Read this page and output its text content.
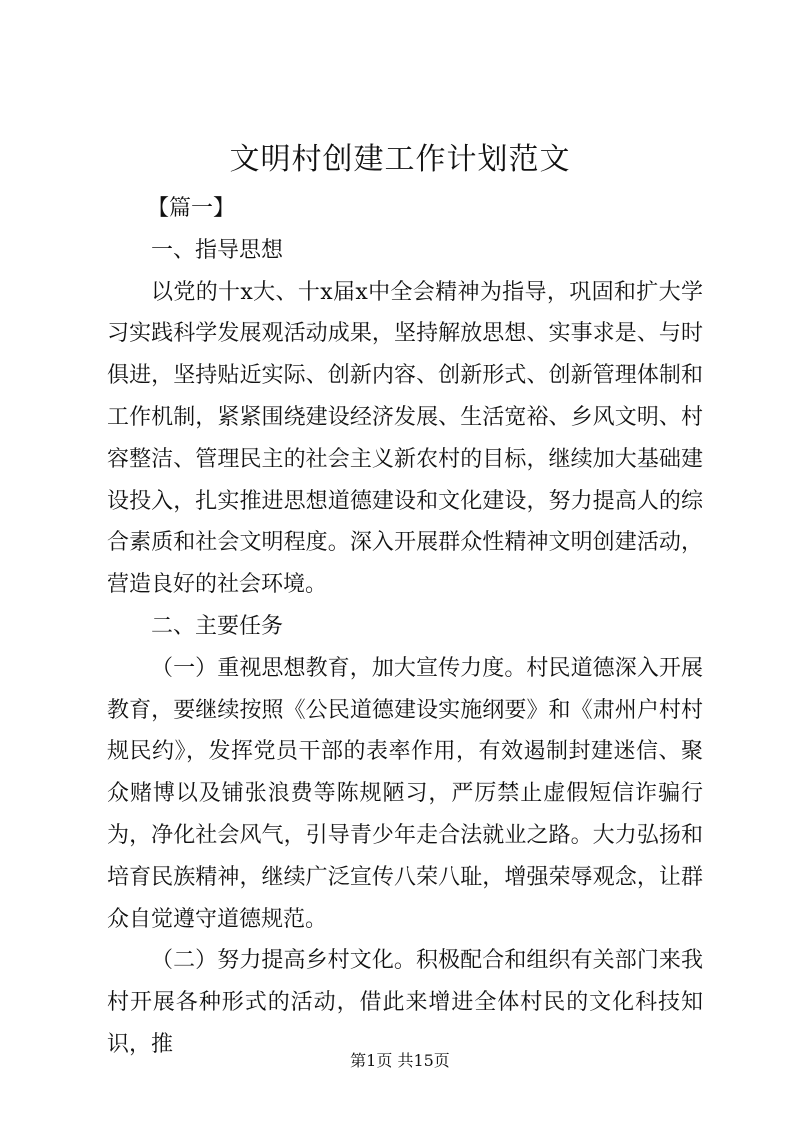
文明村创建工作计划范文

【篇一】

一、指导思想

以党的十x大、十x届x中全会精神为指导，巩固和扩大学习实践科学发展观活动成果，坚持解放思想、实事求是、与时俱进，坚持贴近实际、创新内容、创新形式、创新管理体制和工作机制，紧紧围绕建设经济发展、生活宽裕、乡风文明、村容整洁、管理民主的社会主义新农村的目标，继续加大基础建设投入，扎实推进思想道德建设和文化建设，努力提高人的综合素质和社会文明程度。深入开展群众性精神文明创建活动，营造良好的社会环境。

二、主要任务

（一）重视思想教育，加大宣传力度。村民道德深入开展教育，要继续按照《公民道德建设实施纲要》和《肃州户村村规民约》，发挥党员干部的表率作用，有效遏制封建迷信、聚众赌博以及铺张浪费等陈规陋习，严厉禁止虚假短信诈骗行为，净化社会风气，引导青少年走合法就业之路。大力弘扬和培育民族精神，继续广泛宣传八荣八耻，增强荣辱观念，让群众自觉遵守道德规范。

（二）努力提高乡村文化。积极配合和组织有关部门来我村开展各种形式的活动，借此来增进全体村民的文化科技知识，推

第1页 共15页
